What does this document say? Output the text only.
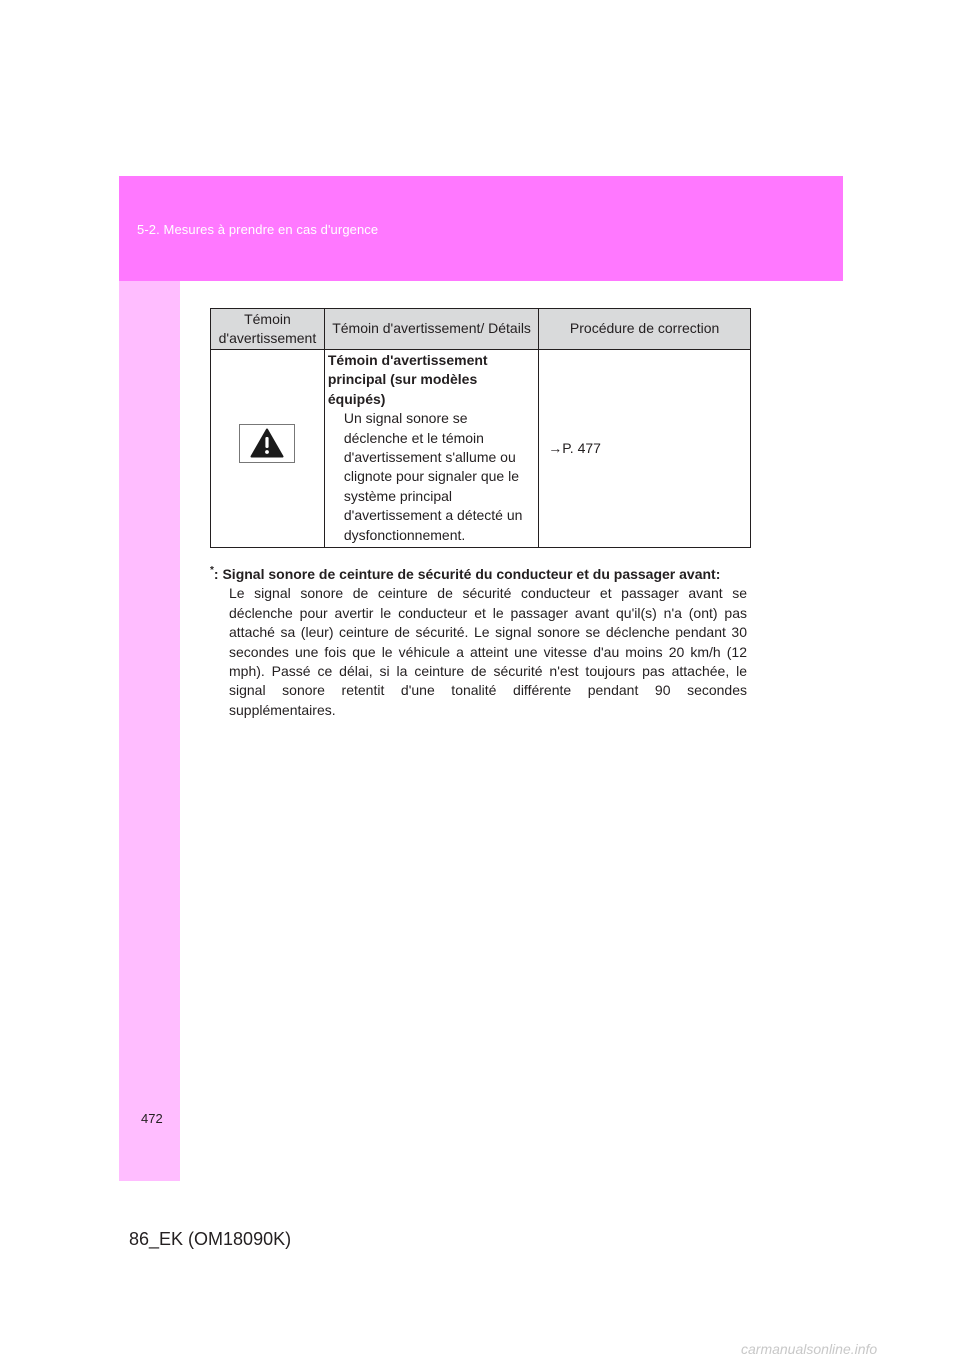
5-2. Mesures à prendre en cas d'urgence
Témoin d'avertissement	Témoin d'avertissement/ Détails	Procédure de correction

Témoin d'avertissement principal (sur modèles équipés)
Un signal sonore se déclenche et le témoin d'avertissement s'allume ou clignote pour signaler que le système principal d'avertissement a détecté un dysfonctionnement.	→P. 477
*: Signal sonore de ceinture de sécurité du conducteur et du passager avant:
Le signal sonore de ceinture de sécurité conducteur et passager avant se déclenche pour avertir le conducteur et le passager avant qu'il(s) n'a (ont) pas attaché sa (leur) ceinture de sécurité. Le signal sonore se déclenche pendant 30 secondes une fois que le véhicule a atteint une vitesse d'au moins 20 km/h (12 mph). Passé ce délai, si la ceinture de sécurité n'est toujours pas attachée, le signal sonore retentit d'une tonalité différente pendant 90 secondes supplémentaires.
472
86_EK (OM18090K)
carmanualsonline.info
